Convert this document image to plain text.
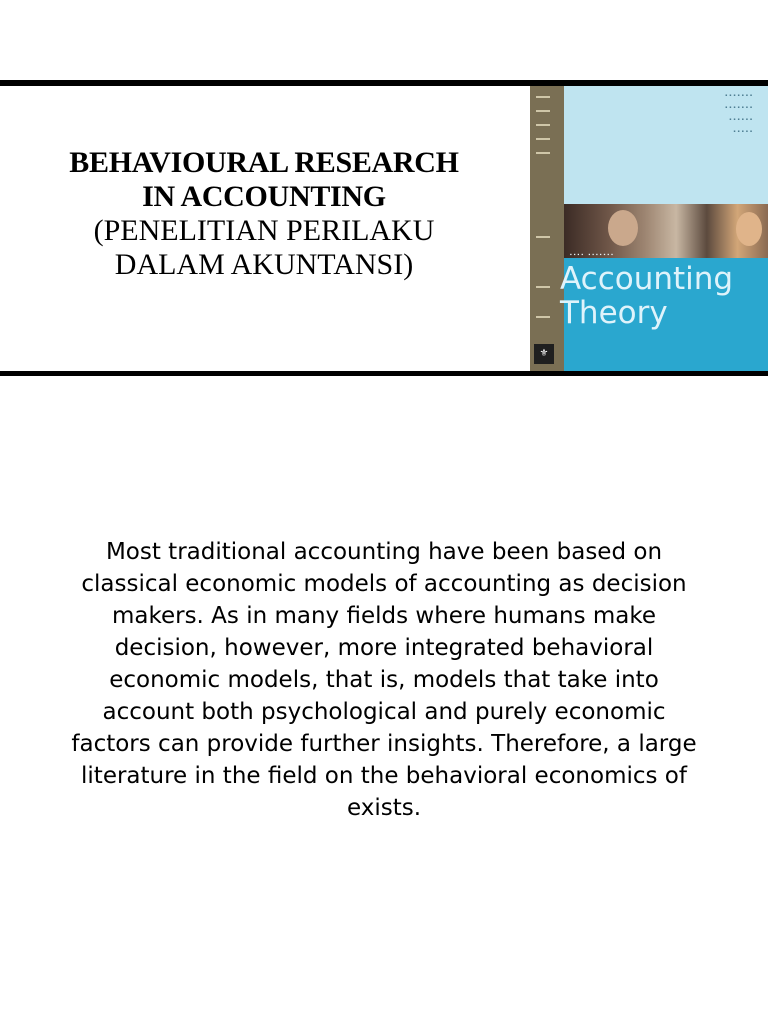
BEHAVIOURAL RESEARCH
IN ACCOUNTING
(PENELITIAN PERILAKU
DALAM AKUNTANSI)
▪▪▪▪▪▪▪
▪▪▪▪▪▪▪
▪▪▪▪▪▪
▪▪▪▪▪
▪▪▪▪ ▪▪▪▪▪▪▪
Accounting
Theory
⚜
Most traditional accounting have been based on classical economic models of accounting as decision makers. As in many fields where humans make decision, however, more integrated behavioral economic models, that is, models that take into account both psychological and purely economic factors can provide further insights. Therefore, a large literature in the field on the behavioral economics of exists.
